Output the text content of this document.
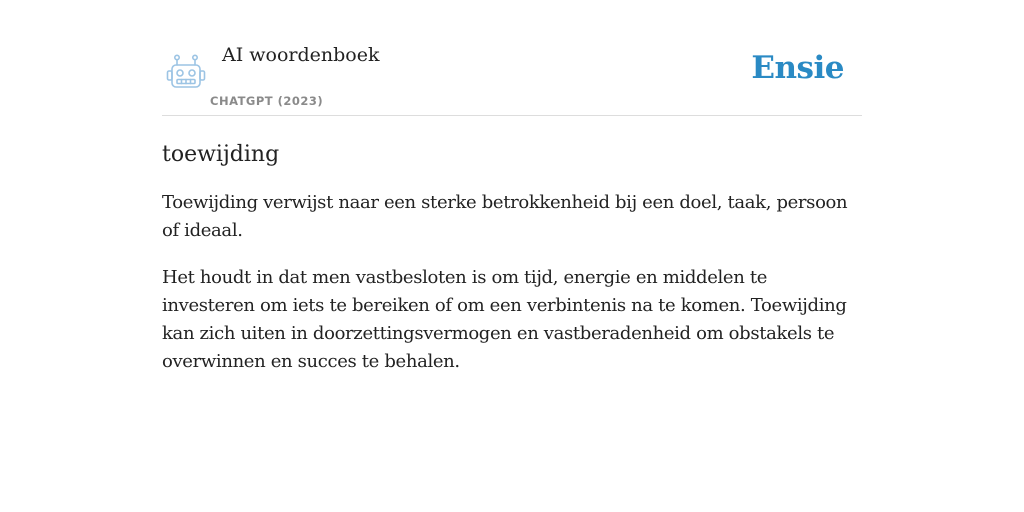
AI woordenboek
CHATGPT (2023)
Ensie
toewijding

Toewijding verwijst naar een sterke betrokkenheid bij een doel, taak, persoon of ideaal.

Het houdt in dat men vastbesloten is om tijd, energie en middelen te investeren om iets te bereiken of om een verbintenis na te komen. Toewijding kan zich uiten in doorzettingsvermogen en vastberadenheid om obstakels te overwinnen en succes te behalen.
